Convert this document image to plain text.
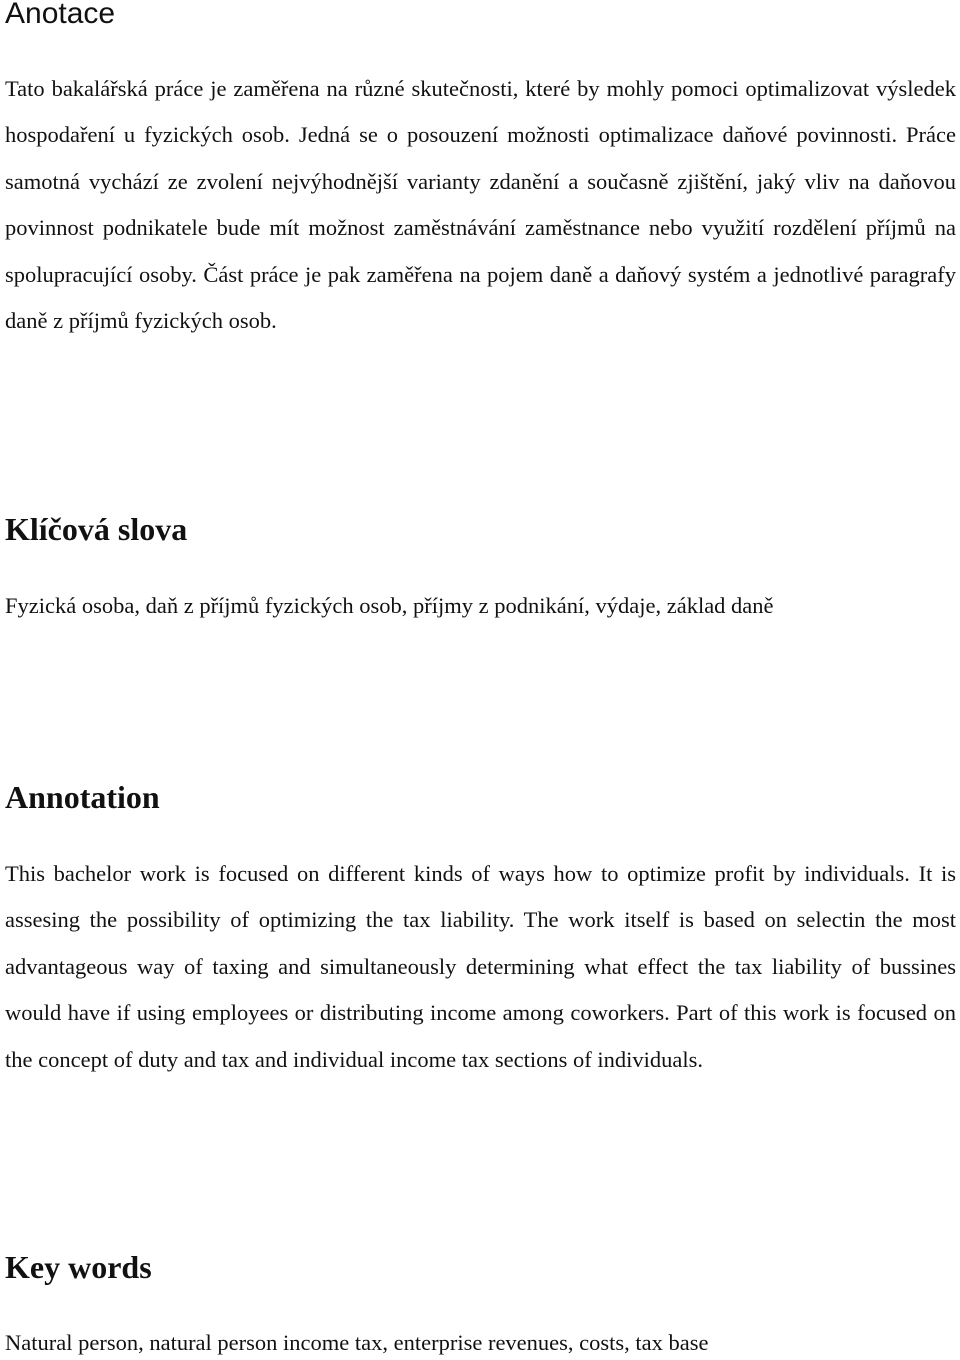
Anotace

Tato bakalářská práce je zaměřena na různé skutečnosti, které by mohly pomoci optimalizovat výsledek hospodaření u fyzických osob. Jedná se o posouzení možnosti optimalizace daňové povinnosti. Práce samotná vychází ze zvolení nejvýhodnější varianty zdanění a současně zjištění, jaký vliv na daňovou povinnost podnikatele bude mít možnost zaměstnávání zaměstnance nebo využití rozdělení příjmů na spolupracující osoby. Část práce je pak zaměřena na pojem daně a daňový systém a jednotlivé paragrafy daně z příjmů fyzických osob.

Klíčová slova

Fyzická osoba, daň z příjmů fyzických osob, příjmy z podnikání, výdaje, základ daně

Annotation

This bachelor work is focused on different kinds of ways how to optimize profit by individuals. It is assesing the possibility of optimizing the tax liability. The work itself is based on selectin the most advantageous way of taxing and simultaneously determining what effect the tax liability of bussines would have if using employees or distributing income among coworkers. Part of this work is focused on the concept of duty and tax and individual income tax sections of individuals.

Key words

Natural person, natural person income tax, enterprise revenues, costs, tax base
